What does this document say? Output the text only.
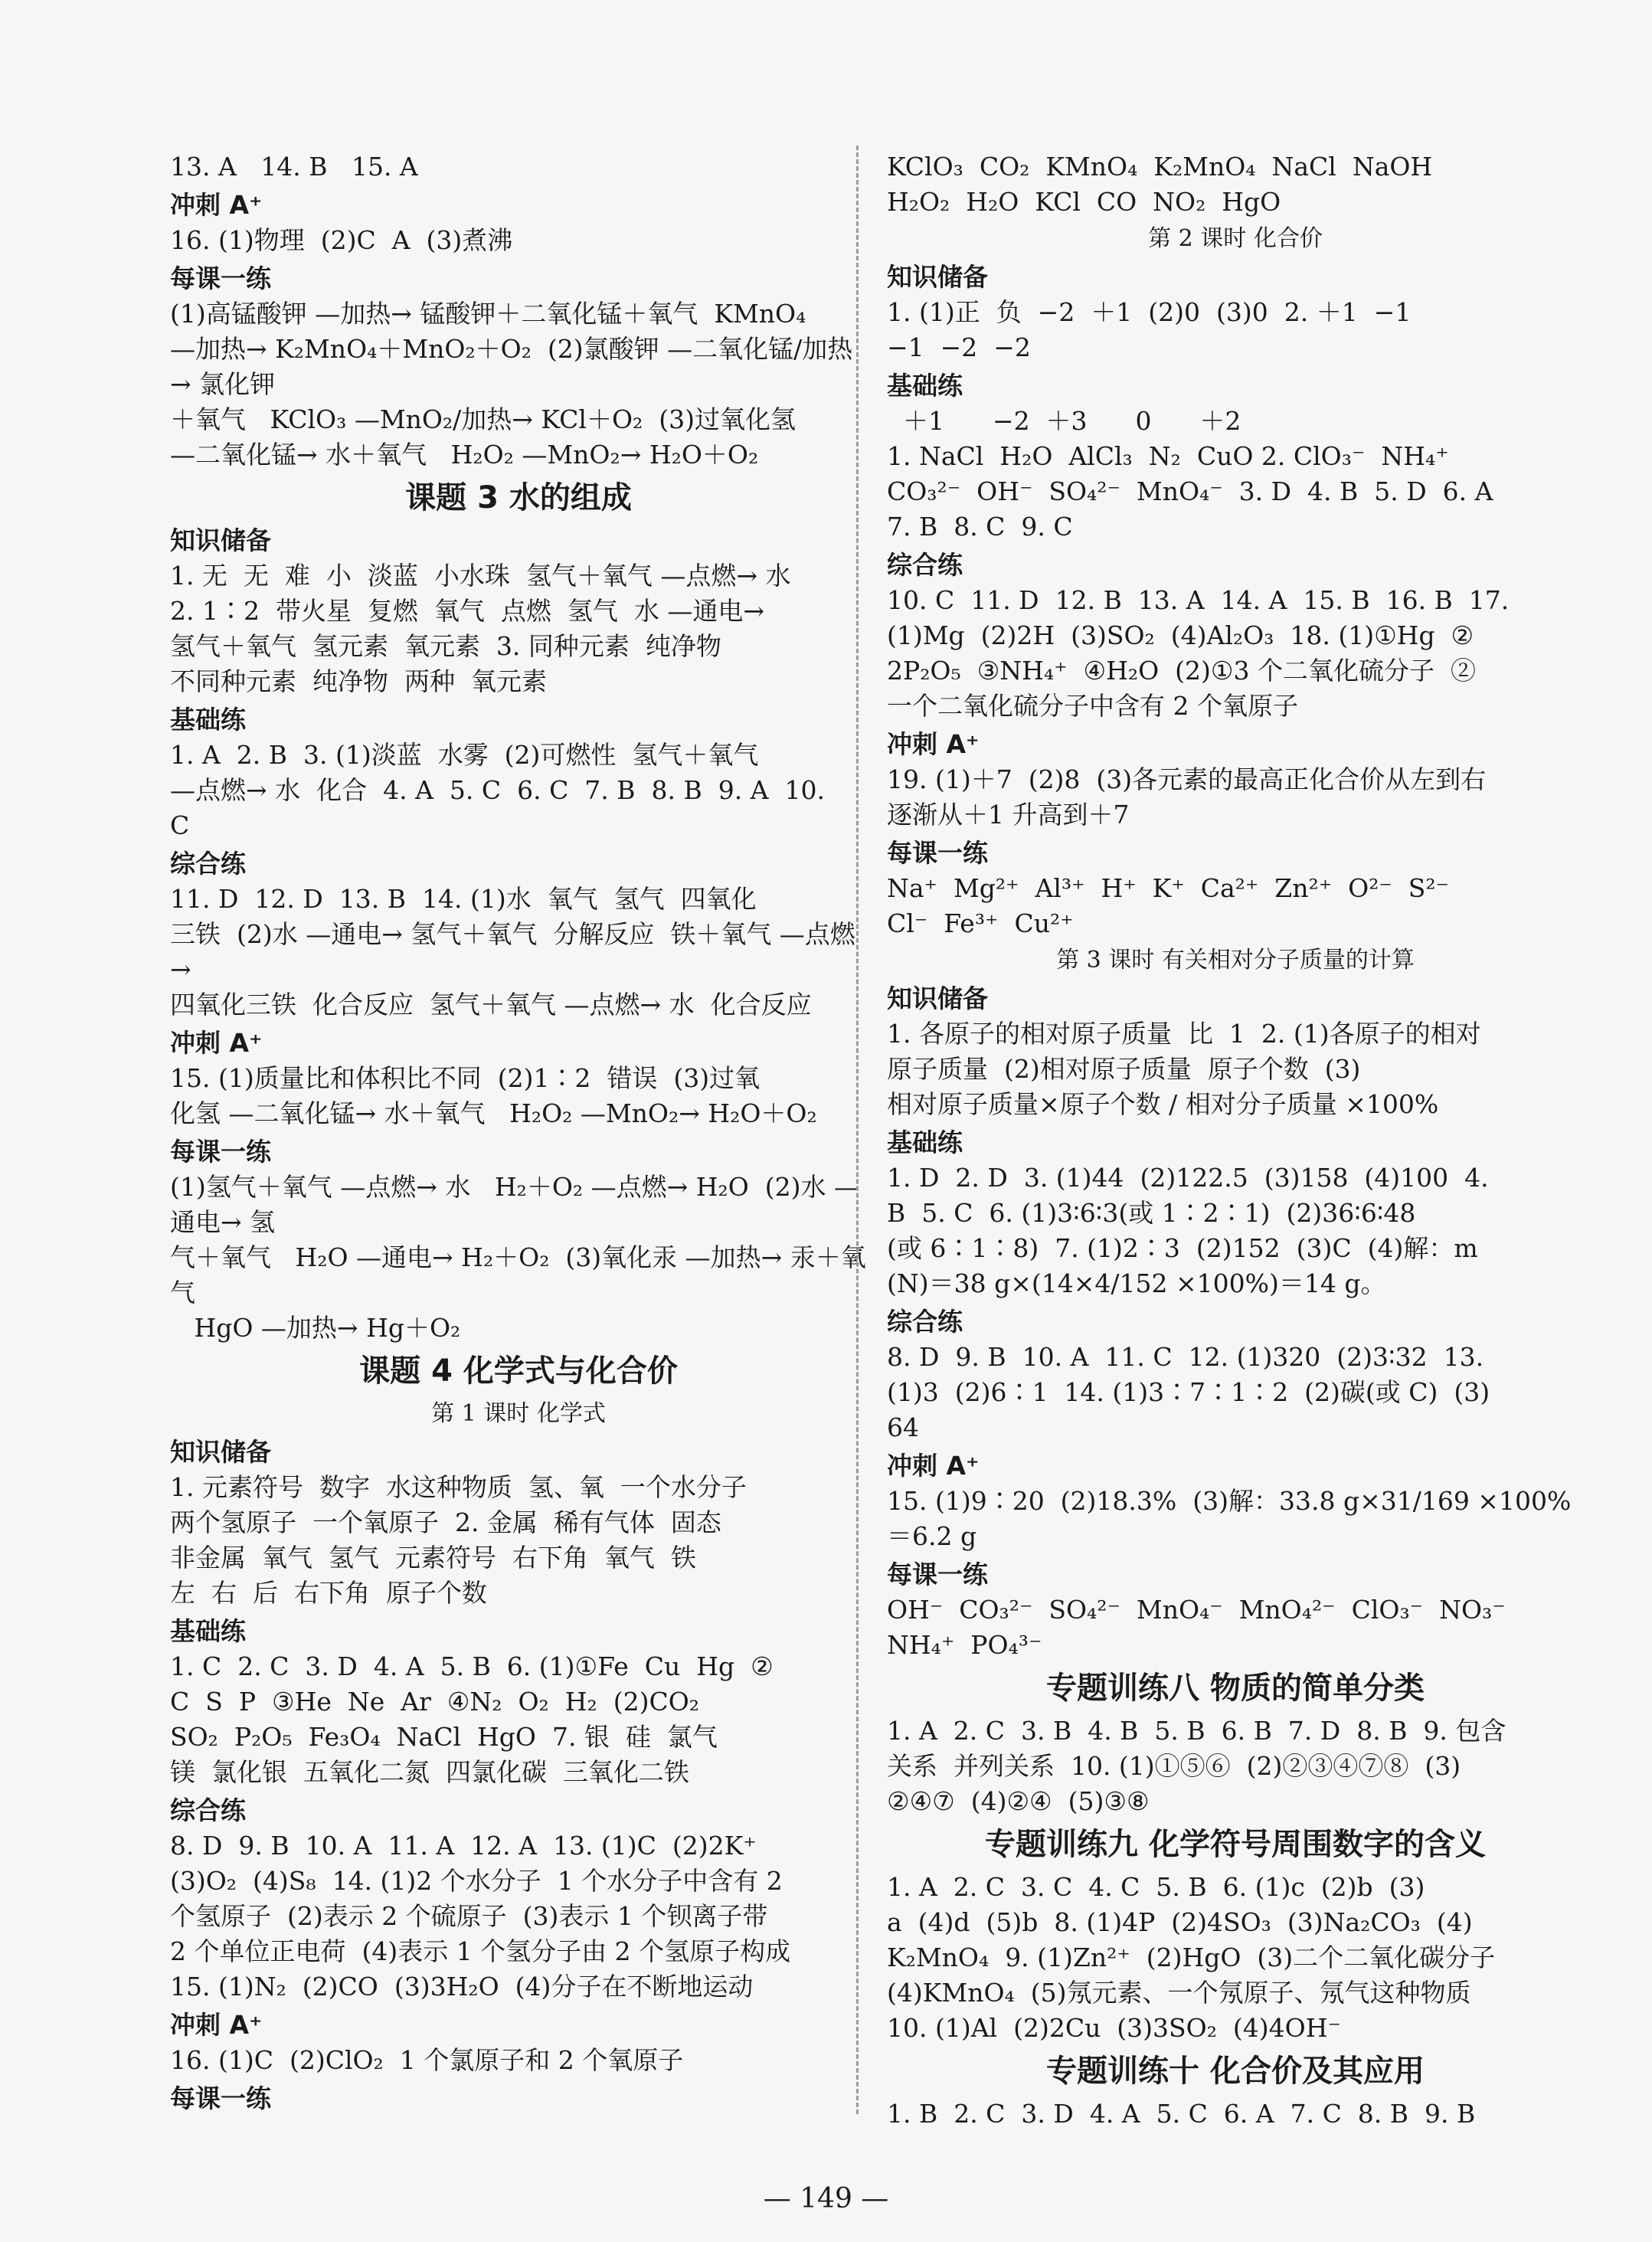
13. A   14. B   15. A
冲刺 A⁺
16. (1)物理  (2)C  A  (3)煮沸
每课一练
(1)高锰酸钾 —加热→ 锰酸钾＋二氧化锰＋氧气  KMnO₄
—加热→ K₂MnO₄＋MnO₂＋O₂  (2)氯酸钾 —二氧化锰/加热→ 氯化钾
＋氧气   KClO₃ —MnO₂/加热→ KCl＋O₂  (3)过氧化氢
—二氧化锰→ 水＋氧气   H₂O₂ —MnO₂→ H₂O＋O₂
课题 3 水的组成
知识储备
1. 无  无  难  小  淡蓝  小水珠  氢气＋氧气 —点燃→ 水
2. 1∶2  带火星  复燃  氧气  点燃  氢气  水 —通电→
氢气＋氧气  氢元素  氧元素  3. 同种元素  纯净物
不同种元素  纯净物  两种  氧元素
基础练
1. A  2. B  3. (1)淡蓝  水雾  (2)可燃性  氢气＋氧气
—点燃→ 水  化合  4. A  5. C  6. C  7. B  8. B  9. A  10.
C
综合练
11. D  12. D  13. B  14. (1)水  氧气  氢气  四氧化
三铁  (2)水 —通电→ 氢气＋氧气  分解反应  铁＋氧气 —点燃→
四氧化三铁  化合反应  氢气＋氧气 —点燃→ 水  化合反应
冲刺 A⁺
15. (1)质量比和体积比不同  (2)1∶2  错误  (3)过氧
化氢 —二氧化锰→ 水＋氧气   H₂O₂ —MnO₂→ H₂O＋O₂
每课一练
(1)氢气＋氧气 —点燃→ 水   H₂＋O₂ —点燃→ H₂O  (2)水 —通电→ 氢
气＋氧气   H₂O —通电→ H₂＋O₂  (3)氧化汞 —加热→ 汞＋氧气
HgO —加热→ Hg＋O₂
课题 4 化学式与化合价
第 1 课时 化学式
知识储备
1. 元素符号  数字  水这种物质  氢、氧  一个水分子
两个氢原子  一个氧原子  2. 金属  稀有气体  固态
非金属  氧气  氢气  元素符号  右下角  氧气  铁
左  右  后  右下角  原子个数
基础练
1. C  2. C  3. D  4. A  5. B  6. (1)①Fe  Cu  Hg  ②
C  S  P  ③He  Ne  Ar  ④N₂  O₂  H₂  (2)CO₂
SO₂  P₂O₅  Fe₃O₄  NaCl  HgO  7. 银  硅  氯气
镁  氯化银  五氧化二氮  四氯化碳  三氧化二铁
综合练
8. D  9. B  10. A  11. A  12. A  13. (1)C  (2)2K⁺
(3)O₂  (4)S₈  14. (1)2 个水分子  1 个水分子中含有 2
个氢原子  (2)表示 2 个硫原子  (3)表示 1 个钡离子带
2 个单位正电荷  (4)表示 1 个氢分子由 2 个氢原子构成
15. (1)N₂  (2)CO  (3)3H₂O  (4)分子在不断地运动
冲刺 A⁺
16. (1)C  (2)ClO₂  1 个氯原子和 2 个氧原子
每课一练
KClO₃  CO₂  KMnO₄  K₂MnO₄  NaCl  NaOH
H₂O₂  H₂O  KCl  CO  NO₂  HgO
第 2 课时 化合价
知识储备
1. (1)正  负  −2  ＋1  (2)0  (3)0  2. ＋1  −1
−1  −2  −2
基础练
＋1      −2  ＋3      0      ＋2
1. NaCl  H₂O  AlCl₃  N₂  CuO 2. ClO₃⁻  NH₄⁺
CO₃²⁻  OH⁻  SO₄²⁻  MnO₄⁻  3. D  4. B  5. D  6. A
7. B  8. C  9. C
综合练
10. C  11. D  12. B  13. A  14. A  15. B  16. B  17.
(1)Mg  (2)2H  (3)SO₂  (4)Al₂O₃  18. (1)①Hg  ②
2P₂O₅  ③NH₄⁺  ④H₂O  (2)①3 个二氧化硫分子  ②
一个二氧化硫分子中含有 2 个氧原子
冲刺 A⁺
19. (1)＋7  (2)8  (3)各元素的最高正化合价从左到右
逐渐从＋1 升高到＋7
每课一练
Na⁺  Mg²⁺  Al³⁺  H⁺  K⁺  Ca²⁺  Zn²⁺  O²⁻  S²⁻
Cl⁻  Fe³⁺  Cu²⁺
第 3 课时 有关相对分子质量的计算
知识储备
1. 各原子的相对原子质量  比  1  2. (1)各原子的相对
原子质量  (2)相对原子质量  原子个数  (3)
相对原子质量×原子个数 / 相对分子质量 ×100%
基础练
1. D  2. D  3. (1)44  (2)122.5  (3)158  (4)100  4.
B  5. C  6. (1)3∶6∶3(或 1∶2∶1)  (2)36∶6∶48
(或 6∶1∶8)  7. (1)2∶3  (2)152  (3)C  (4)解：m
(N)＝38 g×(14×4/152 ×100%)＝14 g。
综合练
8. D  9. B  10. A  11. C  12. (1)320  (2)3∶32  13.
(1)3  (2)6∶1  14. (1)3∶7∶1∶2  (2)碳(或 C)  (3)
64
冲刺 A⁺
15. (1)9∶20  (2)18.3%  (3)解：33.8 g×31/169 ×100%
＝6.2 g
每课一练
OH⁻  CO₃²⁻  SO₄²⁻  MnO₄⁻  MnO₄²⁻  ClO₃⁻  NO₃⁻
NH₄⁺  PO₄³⁻
专题训练八 物质的简单分类
1. A  2. C  3. B  4. B  5. B  6. B  7. D  8. B  9. 包含
关系  并列关系  10. (1)①⑤⑥  (2)②③④⑦⑧  (3)
②④⑦  (4)②④  (5)③⑧
专题训练九 化学符号周围数字的含义
1. A  2. C  3. C  4. C  5. B  6. (1)c  (2)b  (3)
a  (4)d  (5)b  8. (1)4P  (2)4SO₃  (3)Na₂CO₃  (4)
K₂MnO₄  9. (1)Zn²⁺  (2)HgO  (3)二个二氧化碳分子
(4)KMnO₄  (5)氖元素、一个氖原子、氖气这种物质
10. (1)Al  (2)2Cu  (3)3SO₂  (4)4OH⁻
专题训练十 化合价及其应用
1. B  2. C  3. D  4. A  5. C  6. A  7. C  8. B  9. B
— 149 —
